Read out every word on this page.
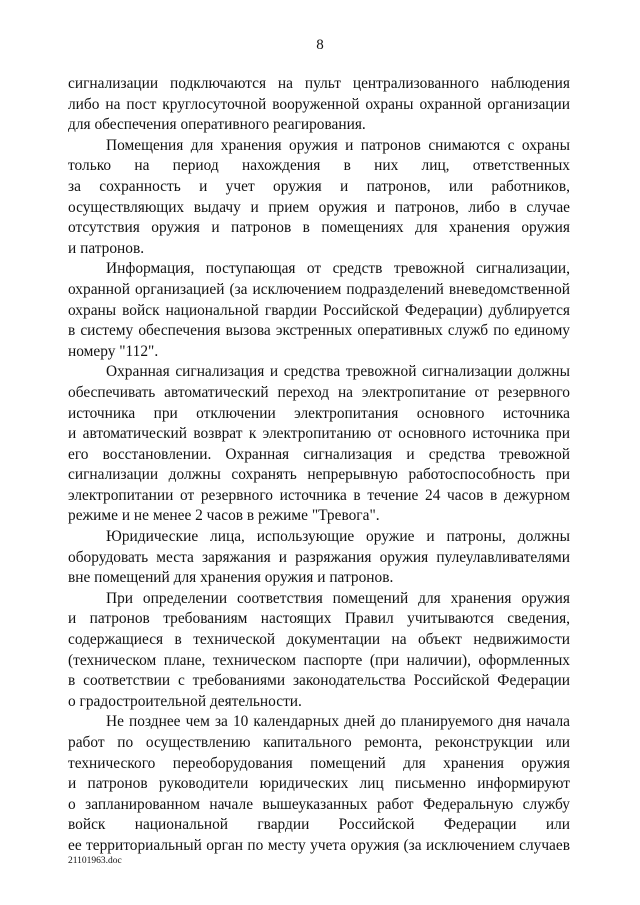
8

сигнализации подключаются на пульт централизованного наблюдения
либо на пост круглосуточной вооруженной охраны охранной организации
для обеспечения оперативного реагирования.

Помещения для хранения оружия и патронов снимаются с охраны
только на период нахождения в них лиц, ответственных
за сохранность и учет оружия и патронов, или работников,
осуществляющих выдачу и прием оружия и патронов, либо в случае
отсутствия оружия и патронов в помещениях для хранения оружия
и патронов.

Информация, поступающая от средств тревожной сигнализации,
охранной организацией (за исключением подразделений вневедомственной
охраны войск национальной гвардии Российской Федерации) дублируется
в систему обеспечения вызова экстренных оперативных служб по единому
номеру "112".

Охранная сигнализация и средства тревожной сигнализации должны
обеспечивать автоматический переход на электропитание от резервного
источника при отключении электропитания основного источника
и автоматический возврат к электропитанию от основного источника при
его восстановлении. Охранная сигнализация и средства тревожной
сигнализации должны сохранять непрерывную работоспособность при
электропитании от резервного источника в течение 24 часов в дежурном
режиме и не менее 2 часов в режиме "Тревога".

Юридические лица, использующие оружие и патроны, должны
оборудовать места заряжания и разряжания оружия пулеулавливателями
вне помещений для хранения оружия и патронов.

При определении соответствия помещений для хранения оружия
и патронов требованиям настоящих Правил учитываются сведения,
содержащиеся в технической документации на объект недвижимости
(техническом плане, техническом паспорте (при наличии), оформленных
в соответствии с требованиями законодательства Российской Федерации
о градостроительной деятельности.

Не позднее чем за 10 календарных дней до планируемого дня начала
работ по осуществлению капитального ремонта, реконструкции или
технического переоборудования помещений для хранения оружия
и патронов руководители юридических лиц письменно информируют
о запланированном начале вышеуказанных работ Федеральную службу
войск национальной гвардии Российской Федерации или
ее территориальный орган по месту учета оружия (за исключением случаев

21101963.doc
